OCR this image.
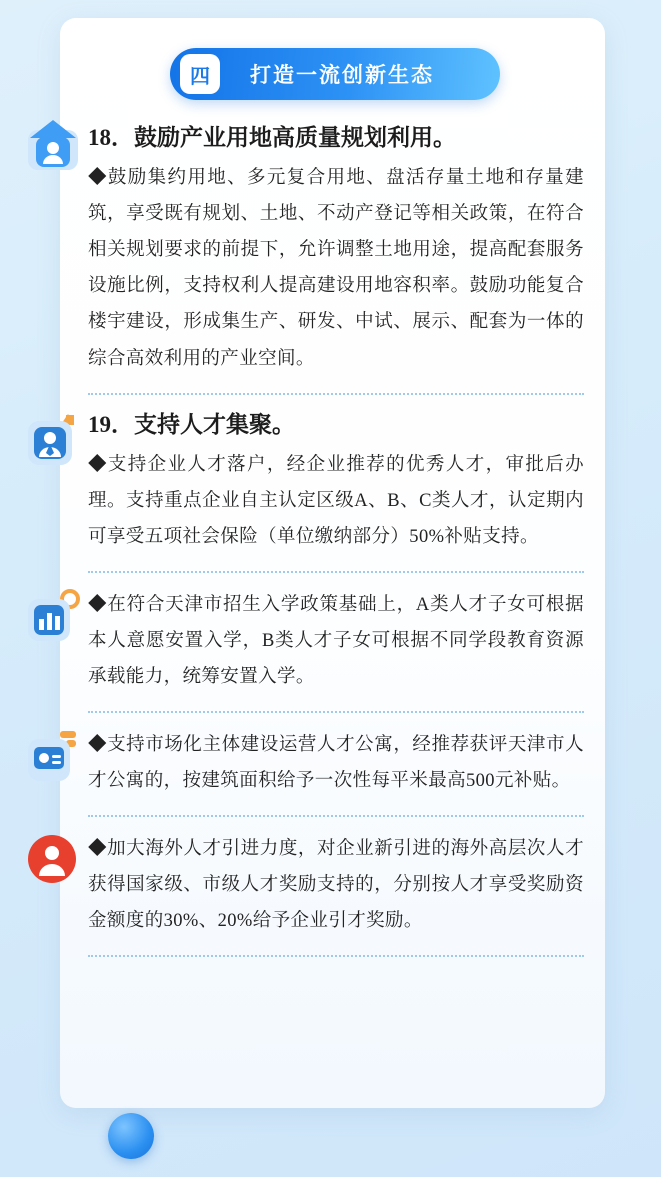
四	打造一流创新生态
18．鼓励产业用地高质量规划利用。

◆鼓励集约用地、多元复合用地、盘活存量土地和存量建筑，享受既有规划、土地、不动产登记等相关政策，在符合相关规划要求的前提下，允许调整土地用途，提高配套服务设施比例，支持权利人提高建设用地容积率。鼓励功能复合楼宇建设，形成集生产、研发、中试、展示、配套为一体的综合高效利用的产业空间。

19．支持人才集聚。

◆支持企业人才落户，经企业推荐的优秀人才，审批后办理。支持重点企业自主认定区级A、B、C类人才，认定期内可享受五项社会保险（单位缴纳部分）50%补贴支持。

◆在符合天津市招生入学政策基础上，A类人才子女可根据本人意愿安置入学，B类人才子女可根据不同学段教育资源承载能力，统筹安置入学。

◆支持市场化主体建设运营人才公寓，经推荐获评天津市人才公寓的，按建筑面积给予一次性每平米最高500元补贴。

◆加大海外人才引进力度，对企业新引进的海外高层次人才获得国家级、市级人才奖励支持的，分别按人才享受奖励资金额度的30%、20%给予企业引才奖励。
